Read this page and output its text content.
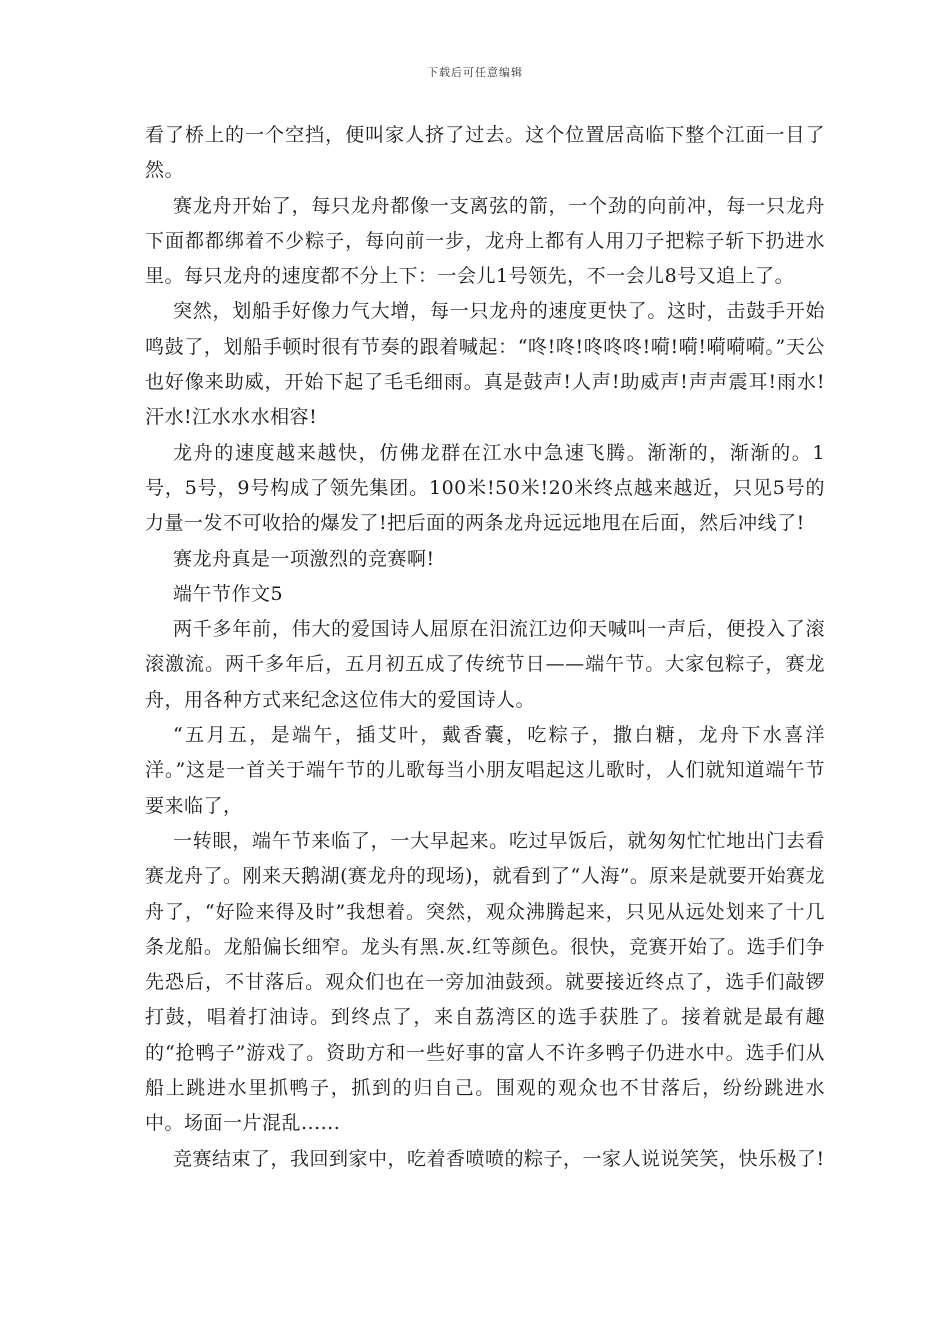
下载后可任意编辑

看了桥上的一个空挡，便叫家人挤了过去。这个位置居高临下整个江面一目了然。

赛龙舟开始了，每只龙舟都像一支离弦的箭，一个劲的向前冲，每一只龙舟下面都都绑着不少粽子，每向前一步，龙舟上都有人用刀子把粽子斩下扔进水里。每只龙舟的速度都不分上下：一会儿1号领先，不一会儿8号又追上了。

突然，划船手好像力气大增，每一只龙舟的速度更快了。这时，击鼓手开始鸣鼓了，划船手顿时很有节奏的跟着喊起：“咚!咚!咚咚咚!嗬!嗬!嗬嗬嗬。”天公也好像来助威，开始下起了毛毛细雨。真是鼓声!人声!助威声!声声震耳!雨水!汗水!江水水水相容!

龙舟的速度越来越快，仿佛龙群在江水中急速飞腾。渐渐的，渐渐的。1号，5号，9号构成了领先集团。100米!50米!20米终点越来越近，只见5号的力量一发不可收拾的爆发了!把后面的两条龙舟远远地甩在后面，然后冲线了!

赛龙舟真是一项激烈的竞赛啊!

端午节作文5

两千多年前，伟大的爱国诗人屈原在汨流江边仰天喊叫一声后，便投入了滚滚激流。两千多年后，五月初五成了传统节日——端午节。大家包粽子，赛龙舟，用各种方式来纪念这位伟大的爱国诗人。

“五月五，是端午，插艾叶，戴香囊，吃粽子，撒白糖，龙舟下水喜洋洋。”这是一首关于端午节的儿歌每当小朋友唱起这儿歌时，人们就知道端午节要来临了，

一转眼，端午节来临了，一大早起来。吃过早饭后，就匆匆忙忙地出门去看赛龙舟了。刚来天鹅湖(赛龙舟的现场)，就看到了“人海”。原来是就要开始赛龙舟了，“好险来得及时”我想着。突然，观众沸腾起来，只见从远处划来了十几条龙船。龙船偏长细窄。龙头有黑.灰.红等颜色。很快，竞赛开始了。选手们争先恐后，不甘落后。观众们也在一旁加油鼓颈。就要接近终点了，选手们敲锣打鼓，唱着打油诗。到终点了，来自荔湾区的选手获胜了。接着就是最有趣的“抢鸭子”游戏了。资助方和一些好事的富人不许多鸭子仍进水中。选手们从船上跳进水里抓鸭子，抓到的归自己。围观的观众也不甘落后，纷纷跳进水中。场面一片混乱......

竞赛结束了，我回到家中，吃着香喷喷的粽子，一家人说说笑笑，快乐极了!
